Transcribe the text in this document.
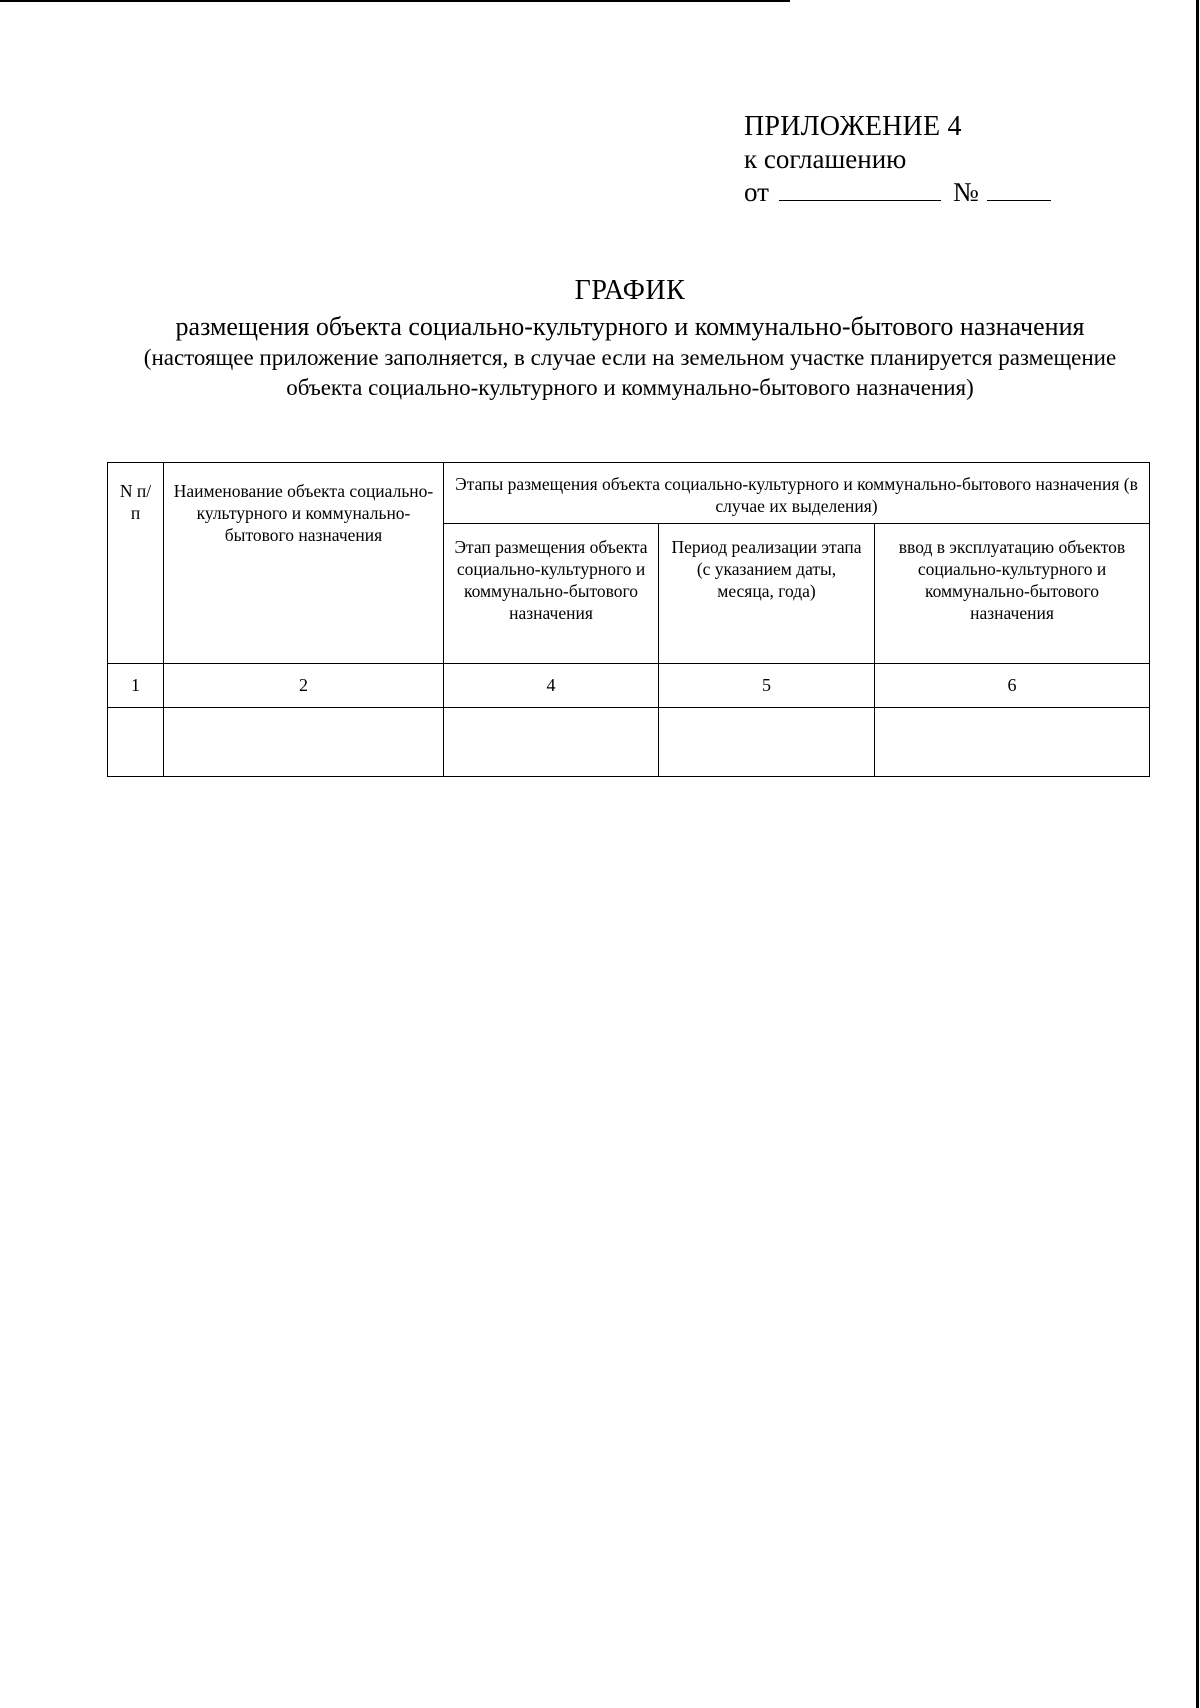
ПРИЛОЖЕНИЕ 4
к соглашению
от	№
ГРАФИК
размещения объекта социально-культурного и коммунально-бытового назначения
(настоящее приложение заполняется, в случае если на земельном участке планируется размещение
объекта социально-культурного и коммунально-бытового назначения)
N п/п	Наименование объекта социально-культурного и коммунально-бытового назначения	Этапы размещения объекта социально-культурного и коммунально-бытового назначения (в случае их выделения)		
		Этап размещения объекта социально-культурного и коммунально-бытового назначения	Период реализации этапа (с указанием даты, месяца, года)	ввод в эксплуатацию объектов социально-культурного и коммунально-бытового назначения
1	2	4	5	6
